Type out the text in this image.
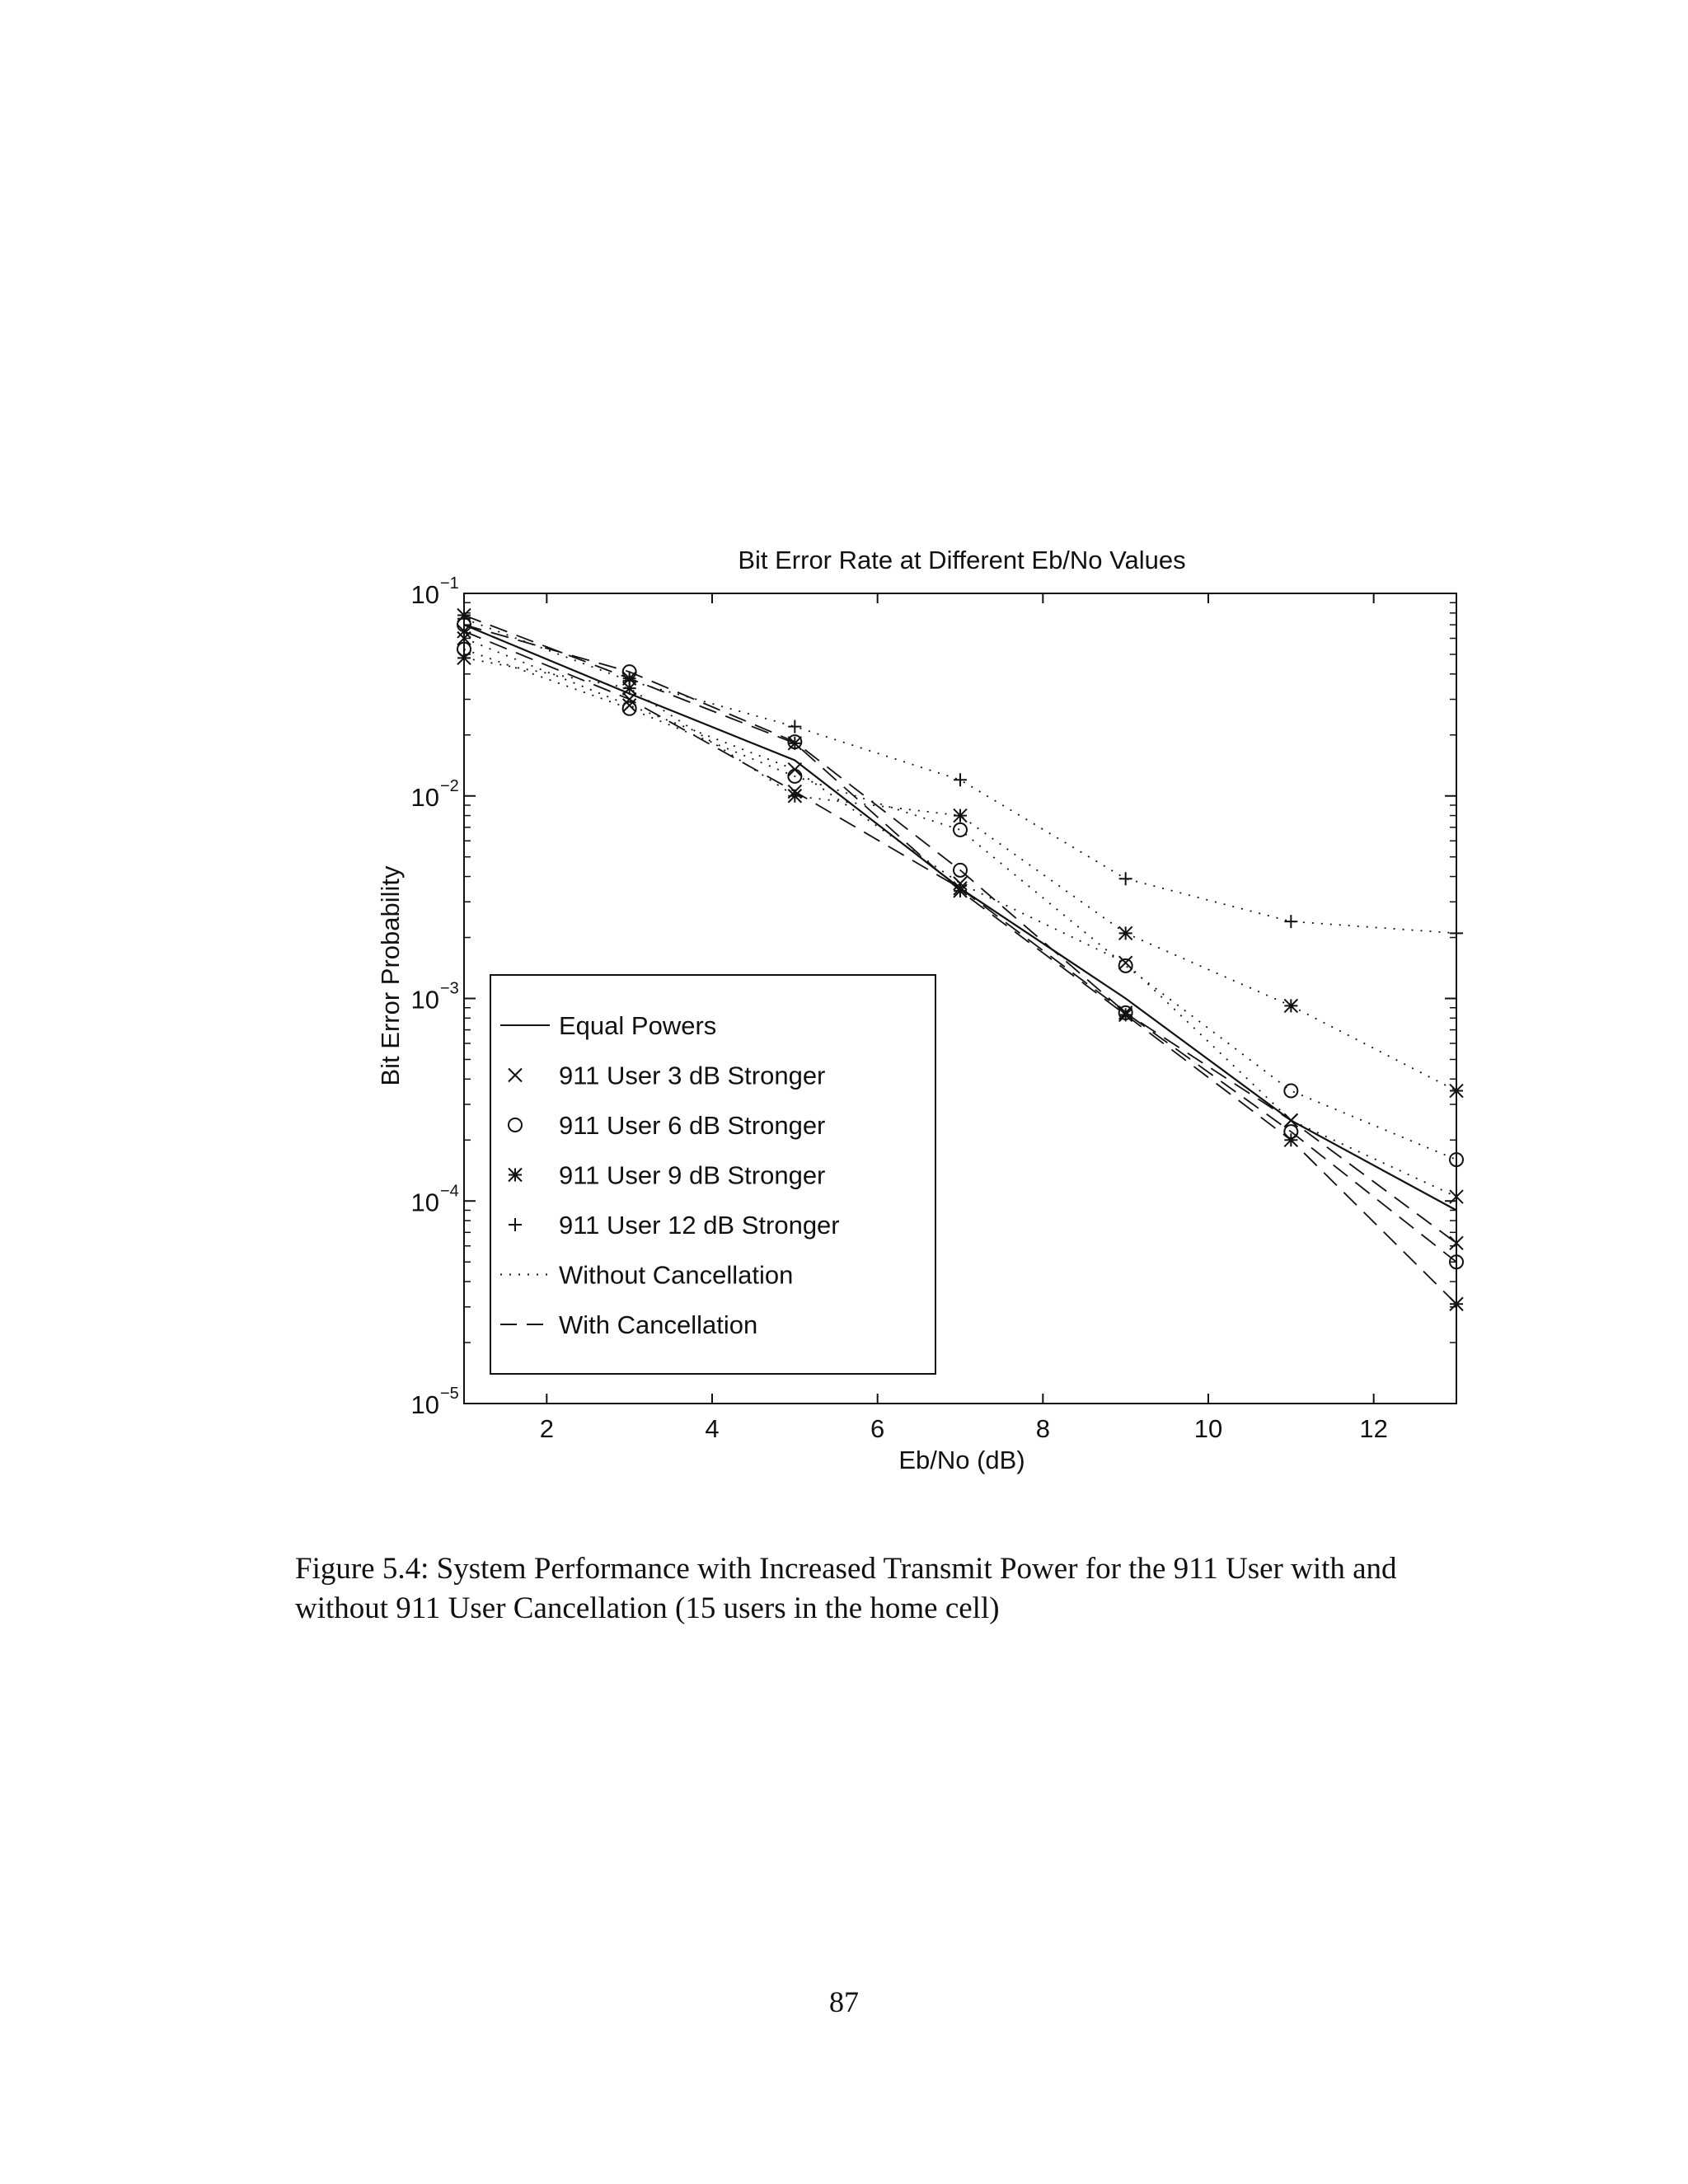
Bit Error Rate at Different Eb/No Values
Bit Error Probability
Eb/No (dB)
2	4	6	8	10	12
10 −1
10 −2
10 −3
10 −4
10 −5
Equal Powers
911 User 3 dB Stronger
911 User 6 dB Stronger
911 User 9 dB Stronger
911 User 12 dB Stronger
Without Cancellation
With Cancellation
Figure 5.4: System Performance with Increased Transmit Power for the 911 User with and without 911 User Cancellation (15 users in the home cell)
87
